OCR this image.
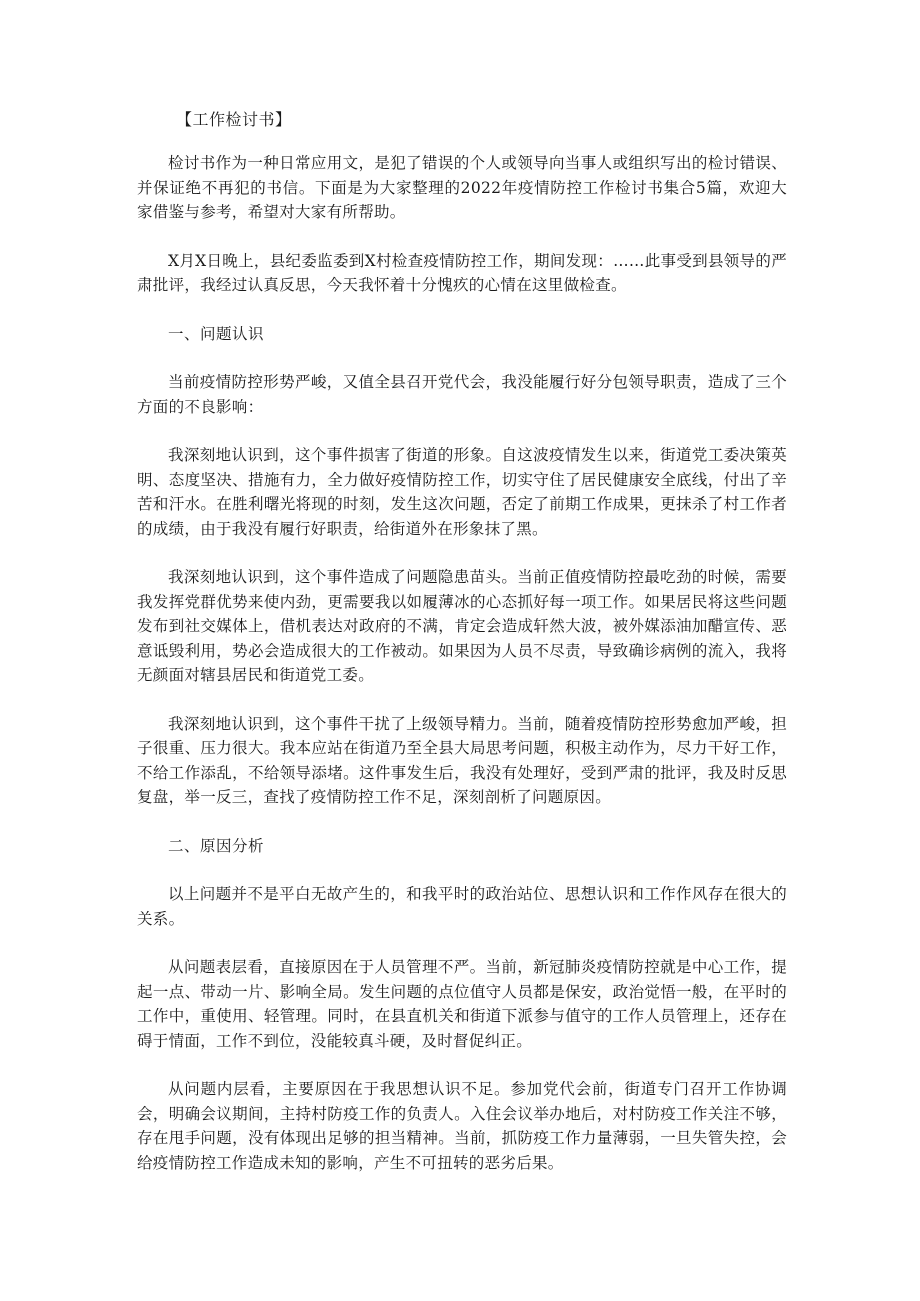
【工作检讨书】

检讨书作为一种日常应用文，是犯了错误的个人或领导向当事人或组织写出的检讨错误、并保证绝不再犯的书信。下面是为大家整理的2022年疫情防控工作检讨书集合5篇，欢迎大家借鉴与参考，希望对大家有所帮助。

X月X日晚上，县纪委监委到X村检查疫情防控工作，期间发现：……此事受到县领导的严肃批评，我经过认真反思，今天我怀着十分愧疚的心情在这里做检查。

一、问题认识

当前疫情防控形势严峻，又值全县召开党代会，我没能履行好分包领导职责，造成了三个方面的不良影响：

我深刻地认识到，这个事件损害了街道的形象。自这波疫情发生以来，街道党工委决策英明、态度坚决、措施有力，全力做好疫情防控工作，切实守住了居民健康安全底线，付出了辛苦和汗水。在胜利曙光将现的时刻，发生这次问题，否定了前期工作成果，更抹杀了村工作者的成绩，由于我没有履行好职责，给街道外在形象抹了黑。

我深刻地认识到，这个事件造成了问题隐患苗头。当前正值疫情防控最吃劲的时候，需要我发挥党群优势来使内劲，更需要我以如履薄冰的心态抓好每一项工作。如果居民将这些问题发布到社交媒体上，借机表达对政府的不满，肯定会造成轩然大波，被外媒添油加醋宣传、恶意诋毁利用，势必会造成很大的工作被动。如果因为人员不尽责，导致确诊病例的流入，我将无颜面对辖县居民和街道党工委。

我深刻地认识到，这个事件干扰了上级领导精力。当前，随着疫情防控形势愈加严峻，担子很重、压力很大。我本应站在街道乃至全县大局思考问题，积极主动作为，尽力干好工作，不给工作添乱，不给领导添堵。这件事发生后，我没有处理好，受到严肃的批评，我及时反思复盘，举一反三，查找了疫情防控工作不足，深刻剖析了问题原因。

二、原因分析

以上问题并不是平白无故产生的，和我平时的政治站位、思想认识和工作作风存在很大的关系。

从问题表层看，直接原因在于人员管理不严。当前，新冠肺炎疫情防控就是中心工作，提起一点、带动一片、影响全局。发生问题的点位值守人员都是保安，政治觉悟一般，在平时的工作中，重使用、轻管理。同时，在县直机关和街道下派参与值守的工作人员管理上，还存在碍于情面，工作不到位，没能较真斗硬，及时督促纠正。

从问题内层看，主要原因在于我思想认识不足。参加党代会前，街道专门召开工作协调会，明确会议期间，主持村防疫工作的负责人。入住会议举办地后，对村防疫工作关注不够，存在甩手问题，没有体现出足够的担当精神。当前，抓防疫工作力量薄弱，一旦失管失控，会给疫情防控工作造成未知的影响，产生不可扭转的恶劣后果。
